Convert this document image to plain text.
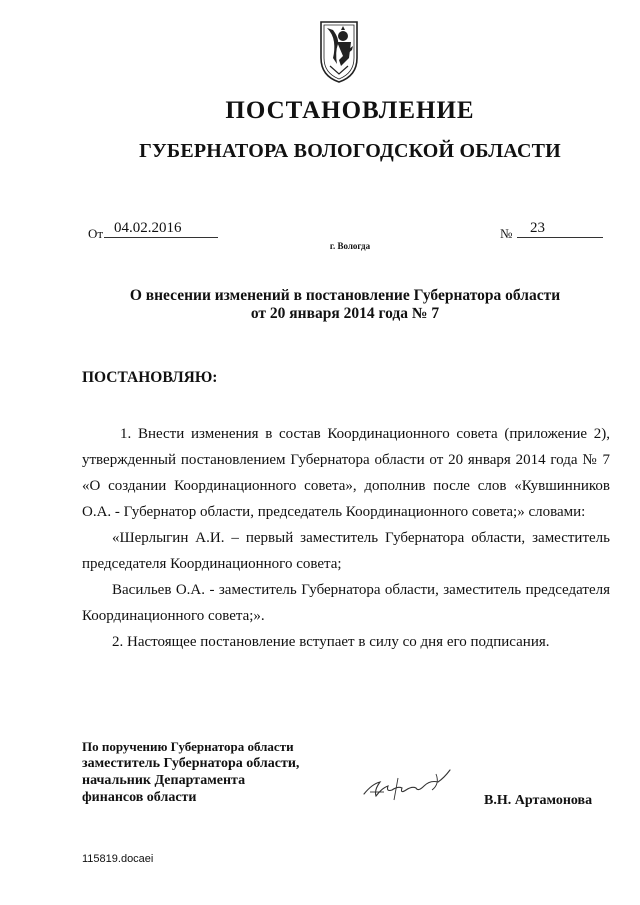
ПОСТАНОВЛЕНИЕ
ГУБЕРНАТОРА ВОЛОГОДСКОЙ ОБЛАСТИ
От 04.02.2016	№	23
г. Вологда
О внесении изменений в постановление Губернатора области
от 20 января 2014 года № 7
ПОСТАНОВЛЯЮ:

1. Внести изменения в состав Координационного совета (приложение 2), утвержденный постановлением Губернатора области от 20 января 2014 года № 7 «О создании Координационного совета», дополнив после слов «Кувшинников О.А. - Губернатор области, председатель Координационного совета;» словами:

«Шерлыгин А.И. – первый заместитель Губернатора области, заместитель председателя Координационного совета;

Васильев О.А. - заместитель Губернатора области, заместитель председателя Координационного совета;».

2. Настоящее постановление вступает в силу со дня его подписания.

По поручению Губернатора области
заместитель Губернатора области,
начальник Департамента
финансов области	В.Н. Артамонова
115819.docaei
